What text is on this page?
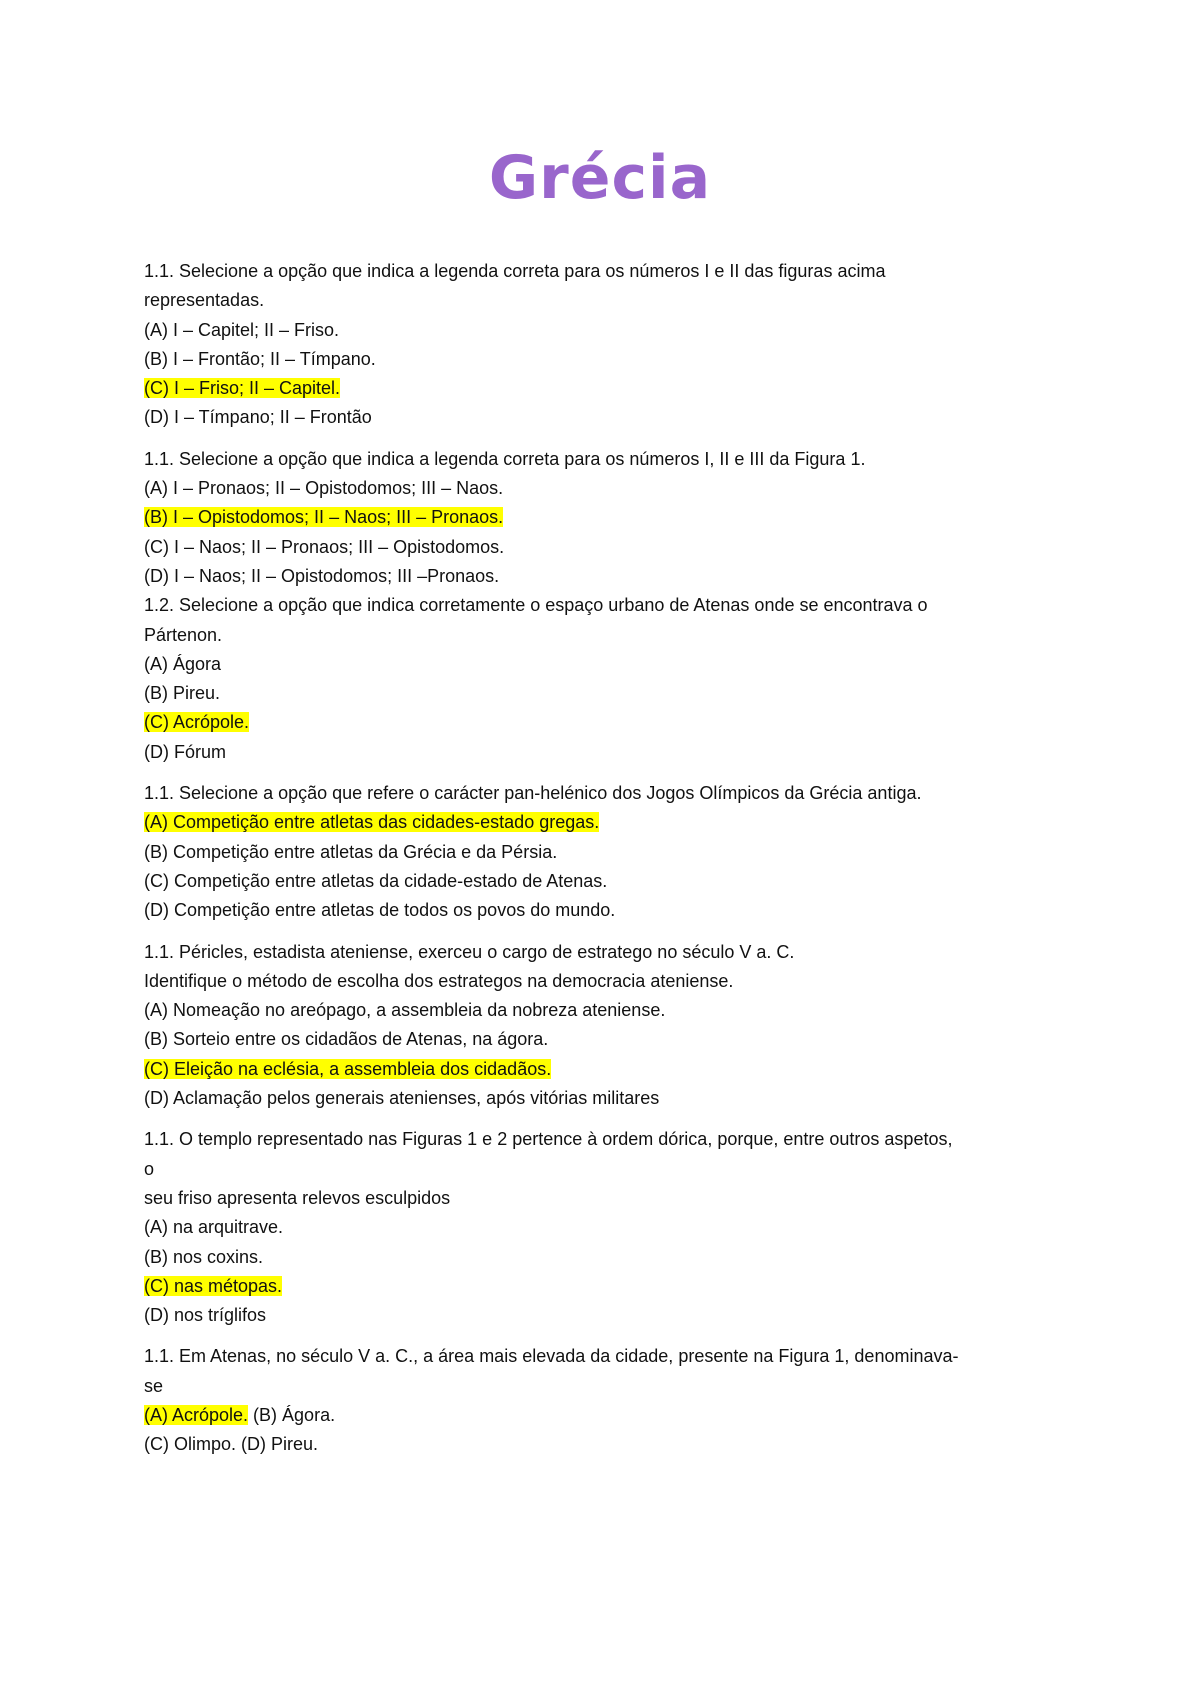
Grécia
1.1. Selecione a opção que indica a legenda correta para os números I e II das figuras acima
representadas.
(A) I – Capitel; II – Friso.
(B) I – Frontão; II – Tímpano.
(C) I – Friso; II – Capitel.
(D) I – Tímpano; II – Frontão
1.1. Selecione a opção que indica a legenda correta para os números I, II e III da Figura 1.
(A) I – Pronaos; II – Opistodomos; III – Naos.
(B) I – Opistodomos; II – Naos; III – Pronaos.
(C) I – Naos; II – Pronaos; III – Opistodomos.
(D) I – Naos; II – Opistodomos; III –Pronaos.
1.2. Selecione a opção que indica corretamente o espaço urbano de Atenas onde se encontrava o
Pártenon.
(A) Ágora
(B) Pireu.
(C) Acrópole.
(D) Fórum
1.1. Selecione a opção que refere o carácter pan-helénico dos Jogos Olímpicos da Grécia antiga.
(A) Competição entre atletas das cidades-estado gregas.
(B) Competição entre atletas da Grécia e da Pérsia.
(C) Competição entre atletas da cidade-estado de Atenas.
(D) Competição entre atletas de todos os povos do mundo.
1.1. Péricles, estadista ateniense, exerceu o cargo de estratego no século V a. C.
Identifique o método de escolha dos estrategos na democracia ateniense.
(A) Nomeação no areópago, a assembleia da nobreza ateniense.
(B) Sorteio entre os cidadãos de Atenas, na ágora.
(C) Eleição na eclésia, a assembleia dos cidadãos.
(D) Aclamação pelos generais atenienses, após vitórias militares
1.1. O templo representado nas Figuras 1 e 2 pertence à ordem dórica, porque, entre outros aspetos,
o
seu friso apresenta relevos esculpidos
(A) na arquitrave.
(B) nos coxins.
(C) nas métopas.
(D) nos tríglifos
1.1. Em Atenas, no século V a. C., a área mais elevada da cidade, presente na Figura 1, denominava-
se
(A) Acrópole. (B) Ágora.
(C) Olimpo. (D) Pireu.
